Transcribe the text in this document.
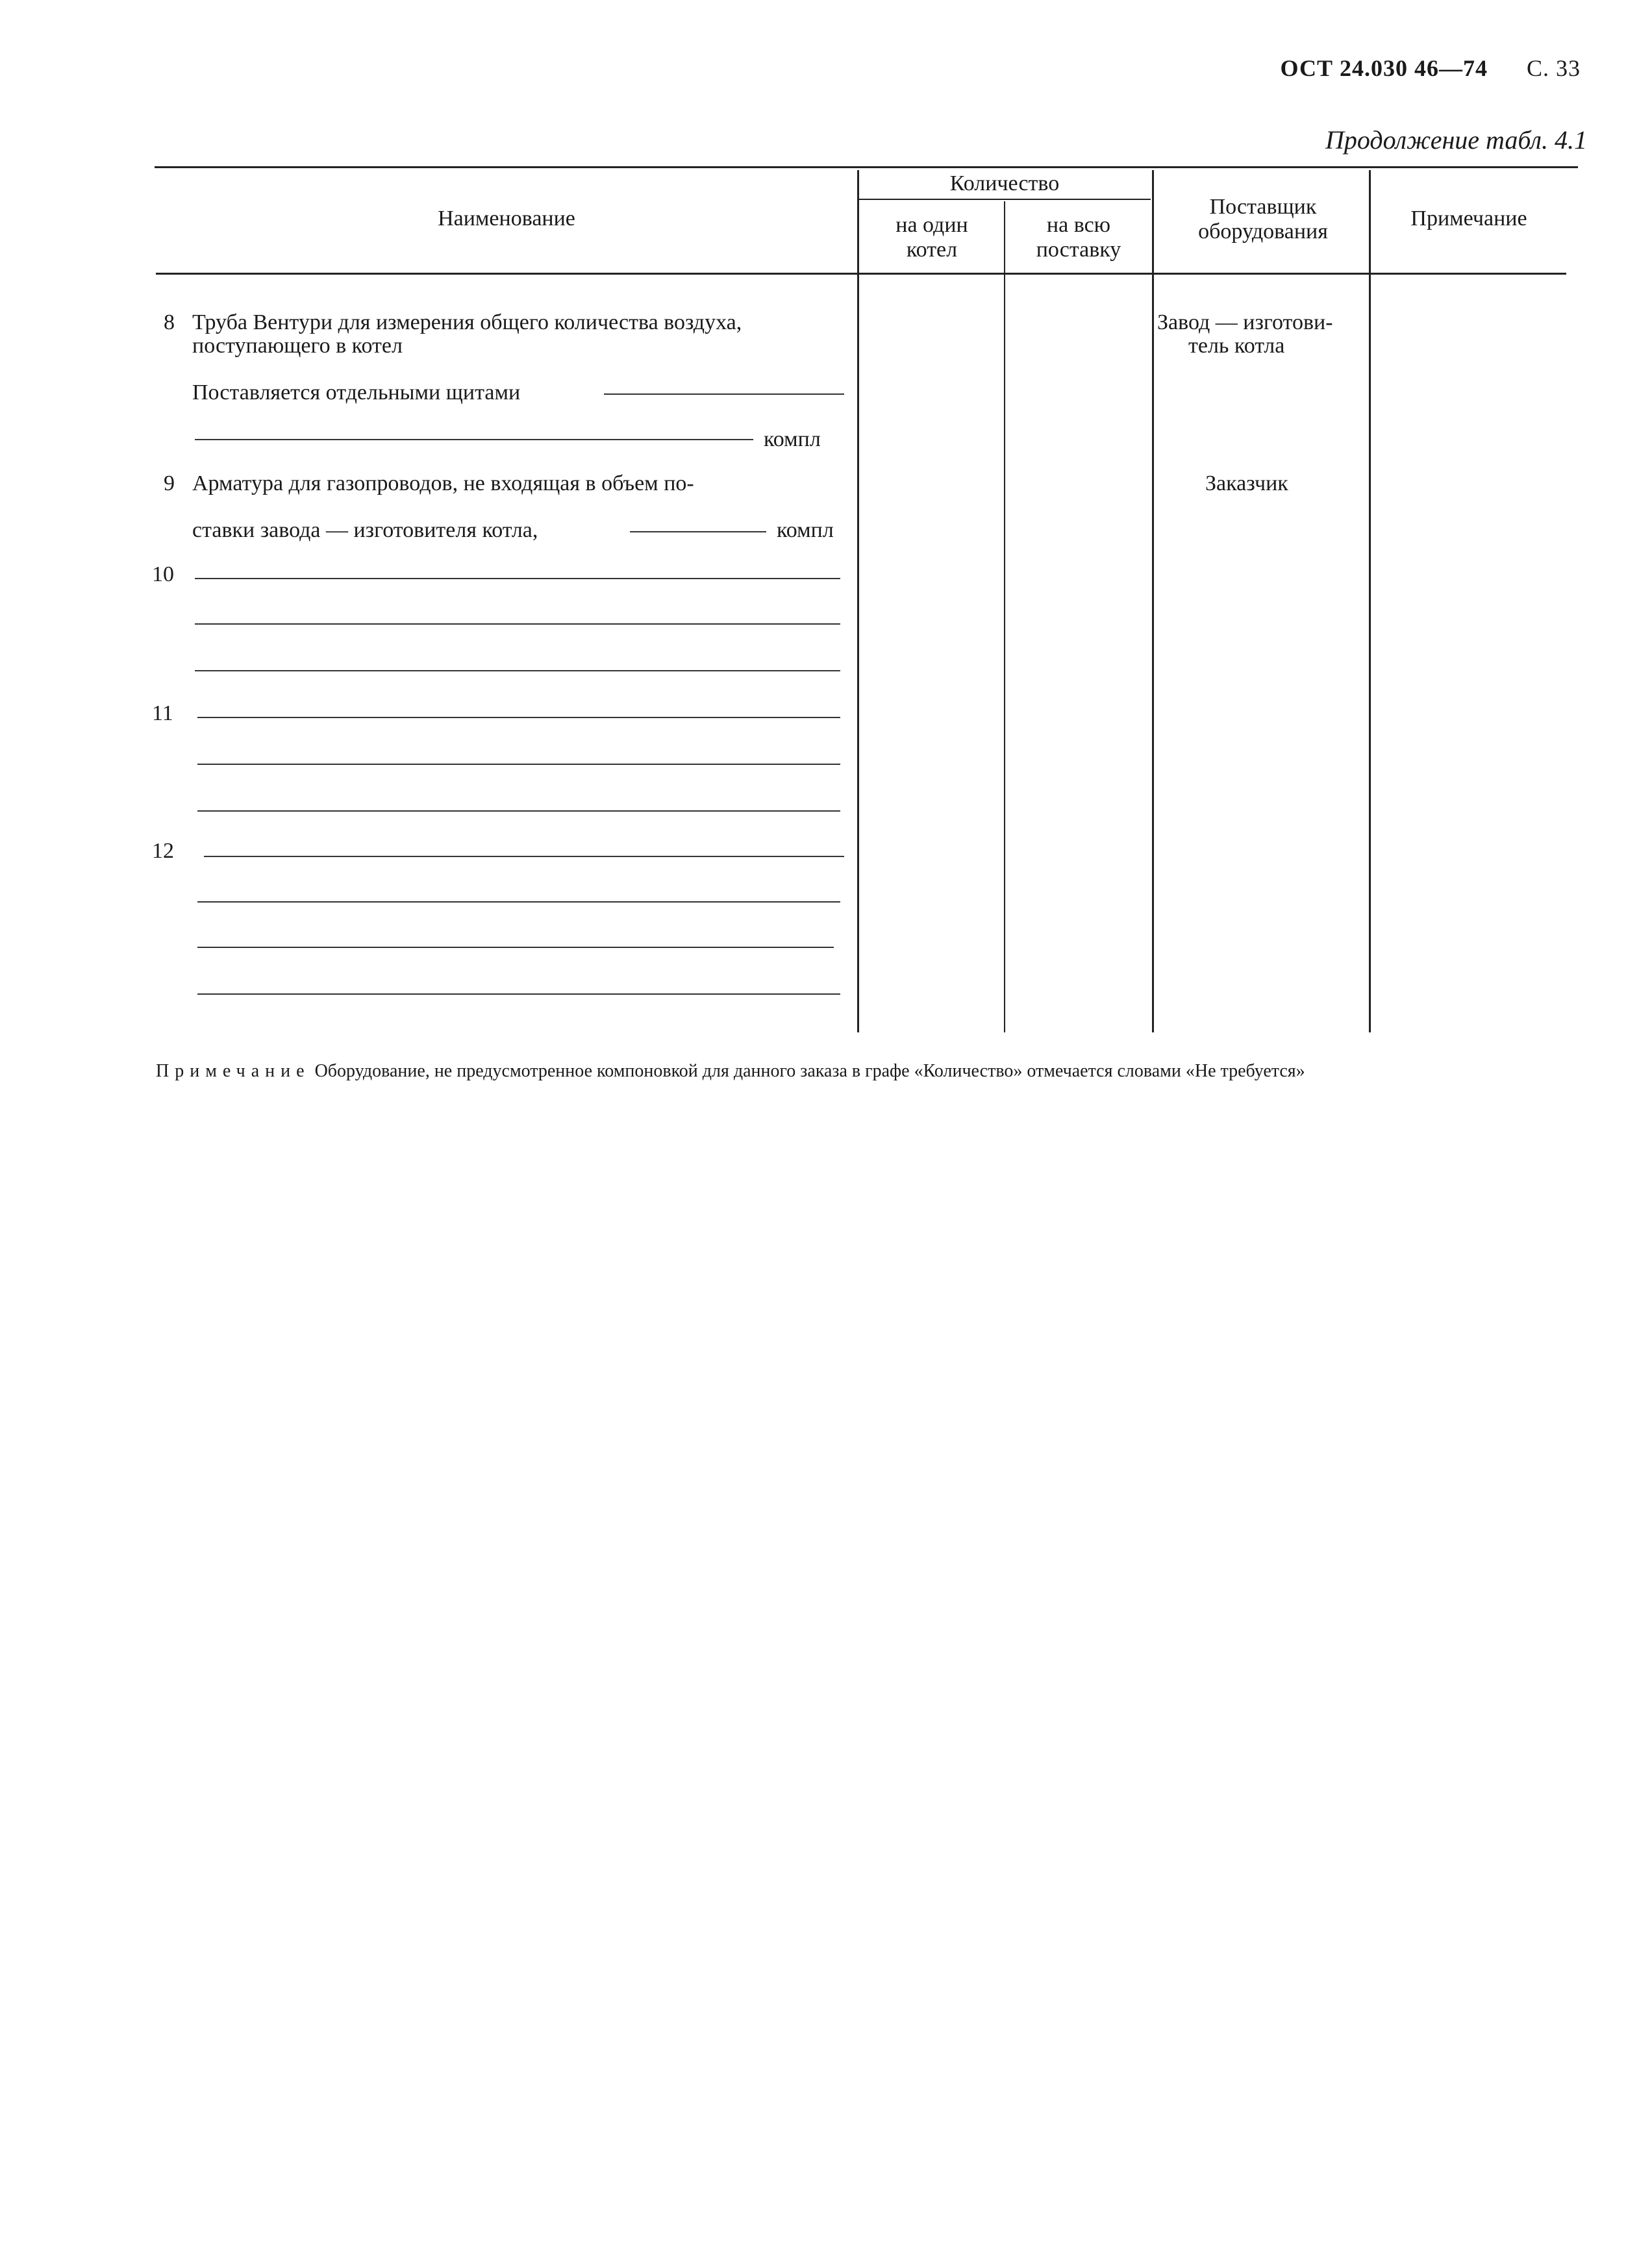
ОСТ 24.030 46—74 С. 33
Продолжение табл. 4.1
Наименование
Количество
на один котел
на всю поставку
Поставщик оборудования
Примечание
8 Труба Вентури для измерения общего количества воздуха,
поступающего в котел
Поставляется отдельными щитами
компл
Завод — изготови-
тель котла
9 Арматура для газопроводов, не входящая в объем по-
ставки завода — изготовителя котла,	компл
Заказчик
10
11
12
Примечание Оборудование, не предусмотренное компоновкой для данного заказа в графе «Количество» отмечается словами «Не требуется»
